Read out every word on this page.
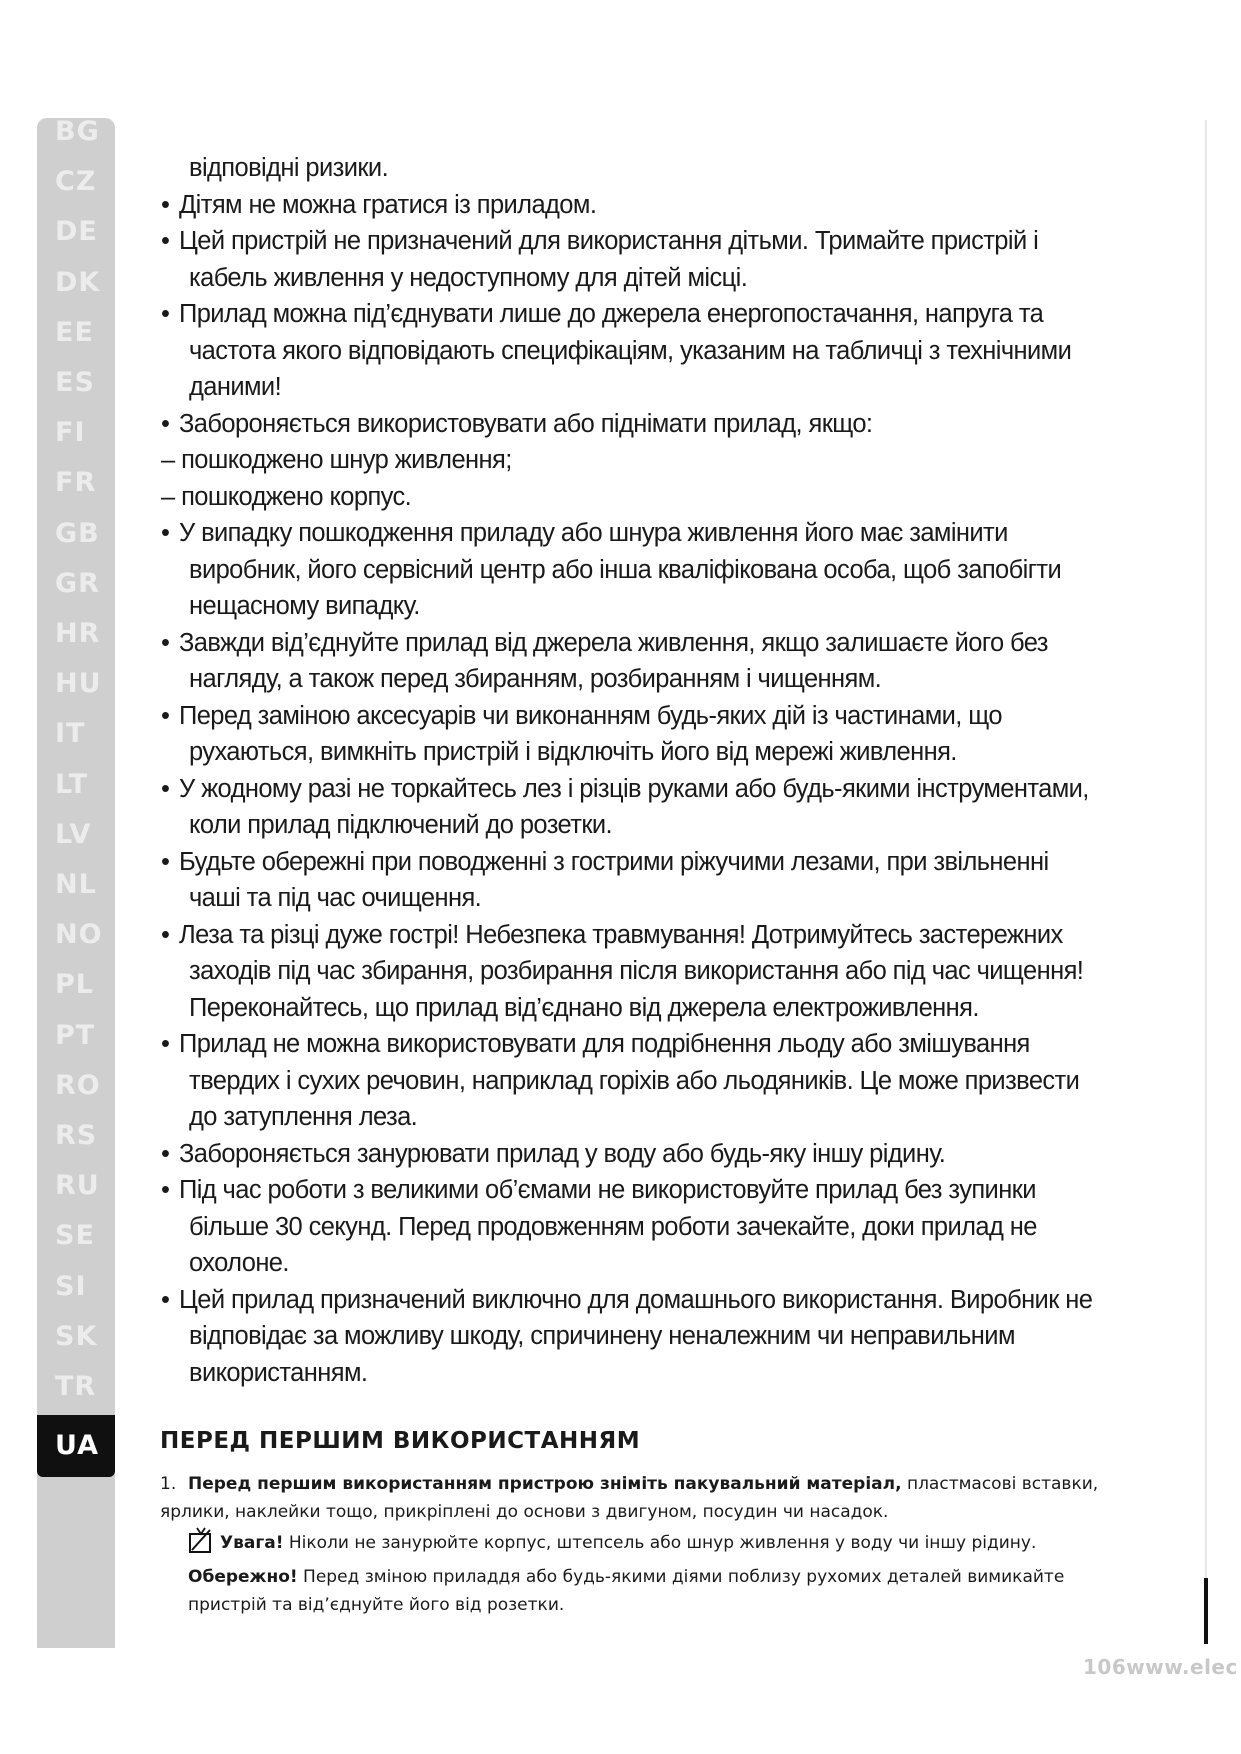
BG
CZ
DE
DK
EE
ES
FI
FR
GB
GR
HR
HU
IT
LT
LV
NL
NO
PL
PT
RO
RS
RU
SE
SI
SK
TR
UA
відповідні ризики.
• Дітям не можна гратися із приладом.
• Цей пристрій не призначений для використання дітьми. Тримайте пристрій і кабель живлення у недоступному для дітей місці.
• Прилад можна під’єднувати лише до джерела енергопостачання, напруга та частота якого відповідають специфікаціям, указаним на табличці з технічними даними!
• Забороняється використовувати або піднімати прилад, якщо:
– пошкоджено шнур живлення;
– пошкоджено корпус.
• У випадку пошкодження приладу або шнура живлення його має замінити виробник, його сервісний центр або інша кваліфікована особа, щоб запобігти нещасному випадку.
• Завжди від’єднуйте прилад від джерела живлення, якщо залишаєте його без нагляду, а також перед збиранням, розбиранням і чищенням.
• Перед заміною аксесуарів чи виконанням будь-яких дій із частинами, що рухаються, вимкніть пристрій і відключіть його від мережі живлення.
• У жодному разі не торкайтесь лез і різців руками або будь-якими інструментами, коли прилад підключений до розетки.
• Будьте обережні при поводженні з гострими ріжучими лезами, при звільненні чаші та під час очищення.
• Леза та різці дуже гострі! Небезпека травмування! Дотримуйтесь застережних заходів під час збирання, розбирання після використання або під час чищення! Переконайтесь, що прилад від’єднано від джерела електроживлення.
• Прилад не можна використовувати для подрібнення льоду або змішування твердих і сухих речовин, наприклад горіхів або льодяників. Це може призвести до затуплення леза.
• Забороняється занурювати прилад у воду або будь-яку іншу рідину.
• Під час роботи з великими об’ємами не використовуйте прилад без зупинки більше 30 секунд. Перед продовженням роботи зачекайте, доки прилад не охолоне.
• Цей прилад призначений виключно для домашнього використання. Виробник не відповідає за можливу шкоду, спричинену неналежним чи неправильним використанням.
ПЕРЕД ПЕРШИМ ВИКОРИСТАННЯМ
1. Перед першим використанням пристрою зніміть пакувальний матеріал, пластмасові вставки, ярлики, наклейки тощо, прикріплені до основи з двигуном, посудин чи насадок.
Увага! Ніколи не занурюйте корпус, штепсель або шнур живлення у воду чи іншу рідину.
Обережно! Перед зміною приладдя або будь-якими діями поблизу рухомих деталей вимикайте пристрій та від’єднуйте його від розетки.
106www.elec
